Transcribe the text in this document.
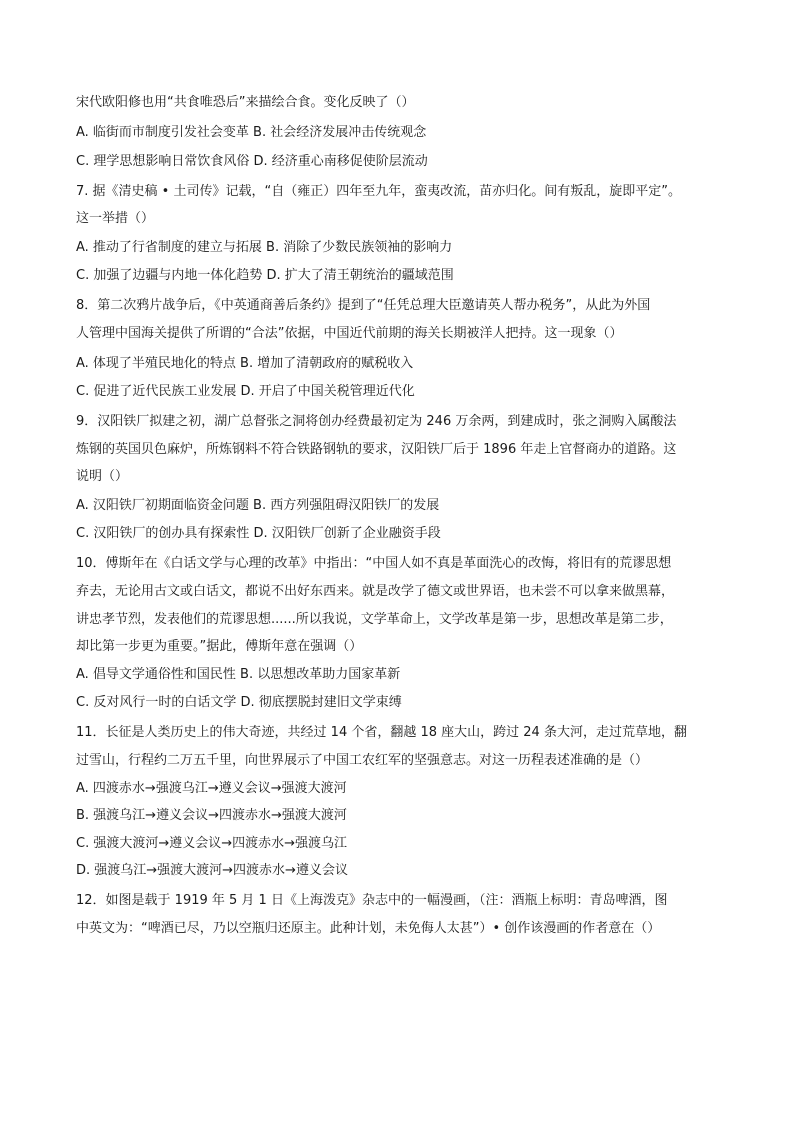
宋代欧阳修也用“共食唯恐后”来描绘合食。变化反映了（）
A. 临街而市制度引发社会变革 B. 社会经济发展冲击传统观念
C. 理学思想影响日常饮食风俗 D. 经济重心南移促使阶层流动
7. 据《清史稿 • 土司传》记载，“自（雍正）四年至九年，蛮夷改流，苗亦归化。间有叛乱，旋即平定”。
这一举措（）
A. 推动了行省制度的建立与拓展 B. 消除了少数民族领袖的影响力
C. 加强了边疆与内地一体化趋势 D. 扩大了清王朝统治的疆域范围
8．第二次鸦片战争后，《中英通商善后条约》提到了“任凭总理大臣邀请英人帮办税务”，从此为外国
人管理中国海关提供了所谓的“合法”依据，中国近代前期的海关长期被洋人把持。这一现象（）
A. 体现了半殖民地化的特点 B. 增加了清朝政府的赋税收入
C. 促进了近代民族工业发展 D. 开启了中国关税管理近代化
9．汉阳铁厂拟建之初，湖广总督张之洞将创办经费最初定为 246 万余两，到建成时，张之洞购入属酸法
炼钢的英国贝色麻炉，所炼钢料不符合铁路钢轨的要求，汉阳铁厂后于 1896 年走上官督商办的道路。这
说明（）
A. 汉阳铁厂初期面临资金问题 B. 西方列强阻碍汉阳铁厂的发展
C. 汉阳铁厂的创办具有探索性 D. 汉阳铁厂创新了企业融资手段
10．傅斯年在《白话文学与心理的改革》中指出：“中国人如不真是革面洗心的改悔，将旧有的荒谬思想
弃去，无论用古文或白话文，都说不出好东西来。就是改学了德文或世界语，也未尝不可以拿来做黑幕，
讲忠孝节烈，发表他们的荒谬思想......所以我说，文学革命上，文学改革是第一步，思想改革是第二步，
却比第一步更为重要。”据此，傅斯年意在强调（）
A. 倡导文学通俗性和国民性 B. 以思想改革助力国家革新
C. 反对风行一时的白话文学 D. 彻底摆脱封建旧文学束缚
11．长征是人类历史上的伟大奇迹，共经过 14 个省，翻越 18 座大山，跨过 24 条大河，走过荒草地，翻
过雪山，行程约二万五千里，向世界展示了中国工农红军的坚强意志。对这一历程表述准确的是（）
A. 四渡赤水→强渡乌江→遵义会议→强渡大渡河
B. 强渡乌江→遵义会议→四渡赤水→强渡大渡河
C. 强渡大渡河→遵义会议→四渡赤水→强渡乌江
D. 强渡乌江→强渡大渡河→四渡赤水→遵义会议
12．如图是载于 1919 年 5 月 1 日《上海泼克》杂志中的一幅漫画，（注：酒瓶上标明：青岛啤酒，图
中英文为：“啤酒已尽，乃以空瓶归还原主。此种计划，未免侮人太甚”）• 创作该漫画的作者意在（）
